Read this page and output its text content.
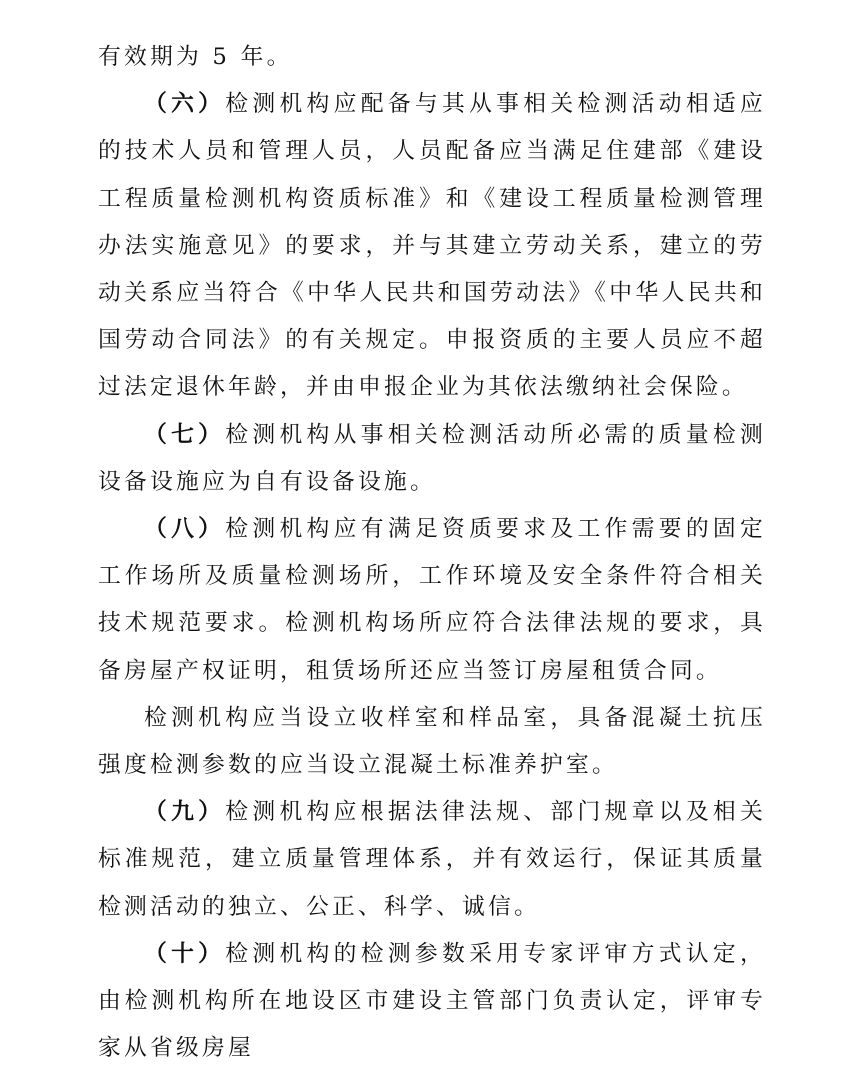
有效期为 5 年。

（六）检测机构应配备与其从事相关检测活动相适应的技术人员和管理人员，人员配备应当满足住建部《建设工程质量检测机构资质标准》和《建设工程质量检测管理办法实施意见》的要求，并与其建立劳动关系，建立的劳动关系应当符合《中华人民共和国劳动法》《中华人民共和国劳动合同法》的有关规定。申报资质的主要人员应不超过法定退休年龄，并由申报企业为其依法缴纳社会保险。

（七）检测机构从事相关检测活动所必需的质量检测设备设施应为自有设备设施。

（八）检测机构应有满足资质要求及工作需要的固定工作场所及质量检测场所，工作环境及安全条件符合相关技术规范要求。检测机构场所应符合法律法规的要求，具备房屋产权证明，租赁场所还应当签订房屋租赁合同。

检测机构应当设立收样室和样品室，具备混凝土抗压强度检测参数的应当设立混凝土标准养护室。

（九）检测机构应根据法律法规、部门规章以及相关标准规范，建立质量管理体系，并有效运行，保证其质量检测活动的独立、公正、科学、诚信。

（十）检测机构的检测参数采用专家评审方式认定，由检测机构所在地设区市建设主管部门负责认定，评审专家从省级房屋
